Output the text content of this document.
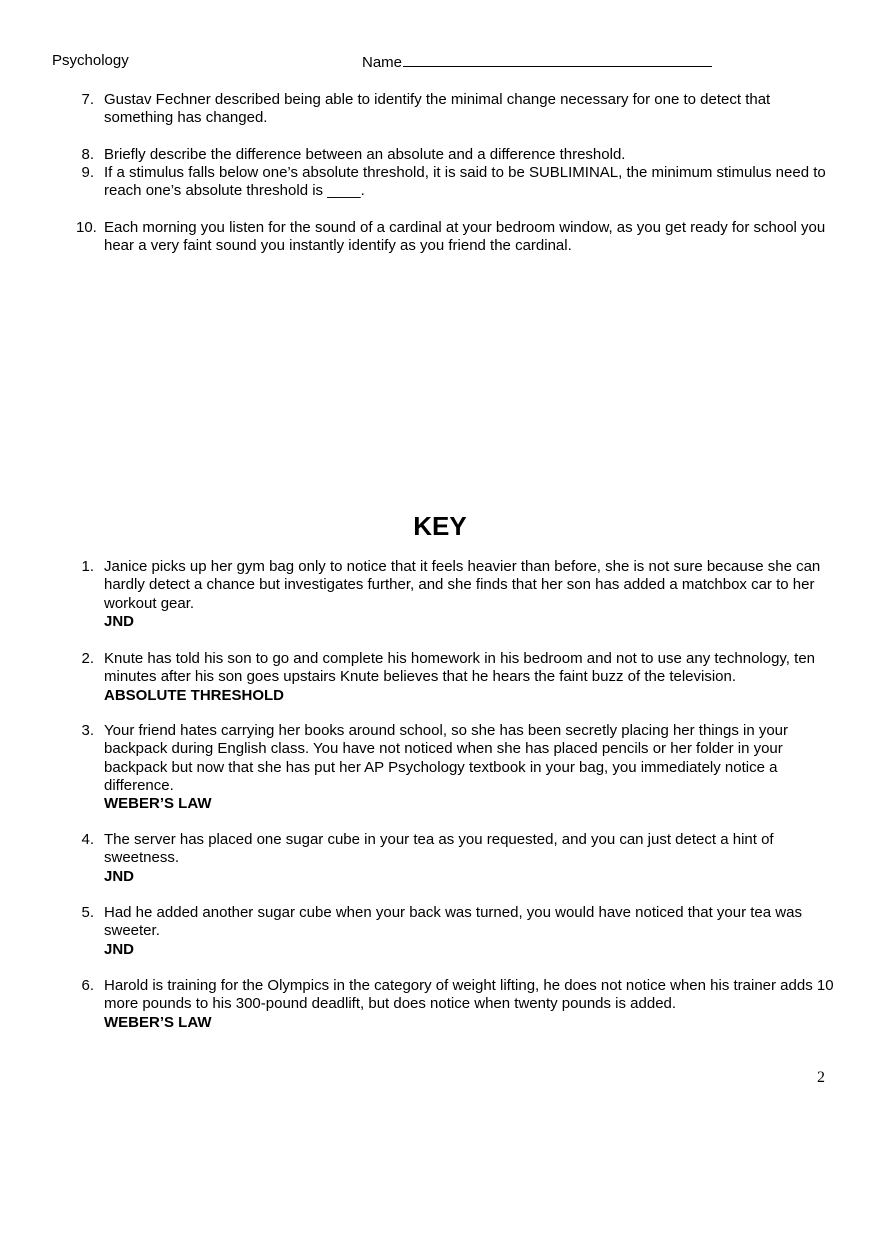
Psychology	Name
7. Gustav Fechner described being able to identify the minimal change necessary for one to detect that something has changed.
8. Briefly describe the difference between an absolute and a difference threshold.
9. If a stimulus falls below one’s absolute threshold, it is said to be SUBLIMINAL, the minimum stimulus need to reach one’s absolute threshold is ____.
10. Each morning you listen for the sound of a cardinal at your bedroom window, as you get ready for school you hear a very faint sound you instantly identify as you friend the cardinal.
KEY
1. Janice picks up her gym bag only to notice that it feels heavier than before, she is not sure because she can hardly detect a chance but investigates further, and she finds that her son has added a matchbox car to her workout gear.
JND
2. Knute has told his son to go and complete his homework in his bedroom and not to use any technology, ten minutes after his son goes upstairs Knute believes that he hears the faint buzz of the television.
ABSOLUTE THRESHOLD
3. Your friend hates carrying her books around school, so she has been secretly placing her things in your backpack during English class. You have not noticed when she has placed pencils or her folder in your backpack but now that she has put her AP Psychology textbook in your bag, you immediately notice a difference.
WEBER’S LAW
4. The server has placed one sugar cube in your tea as you requested, and you can just detect a hint of sweetness.
JND
5. Had he added another sugar cube when your back was turned, you would have noticed that your tea was sweeter.
JND
6. Harold is training for the Olympics in the category of weight lifting, he does not notice when his trainer adds 10 more pounds to his 300-pound deadlift, but does notice when twenty pounds is added.
WEBER’S LAW
2
